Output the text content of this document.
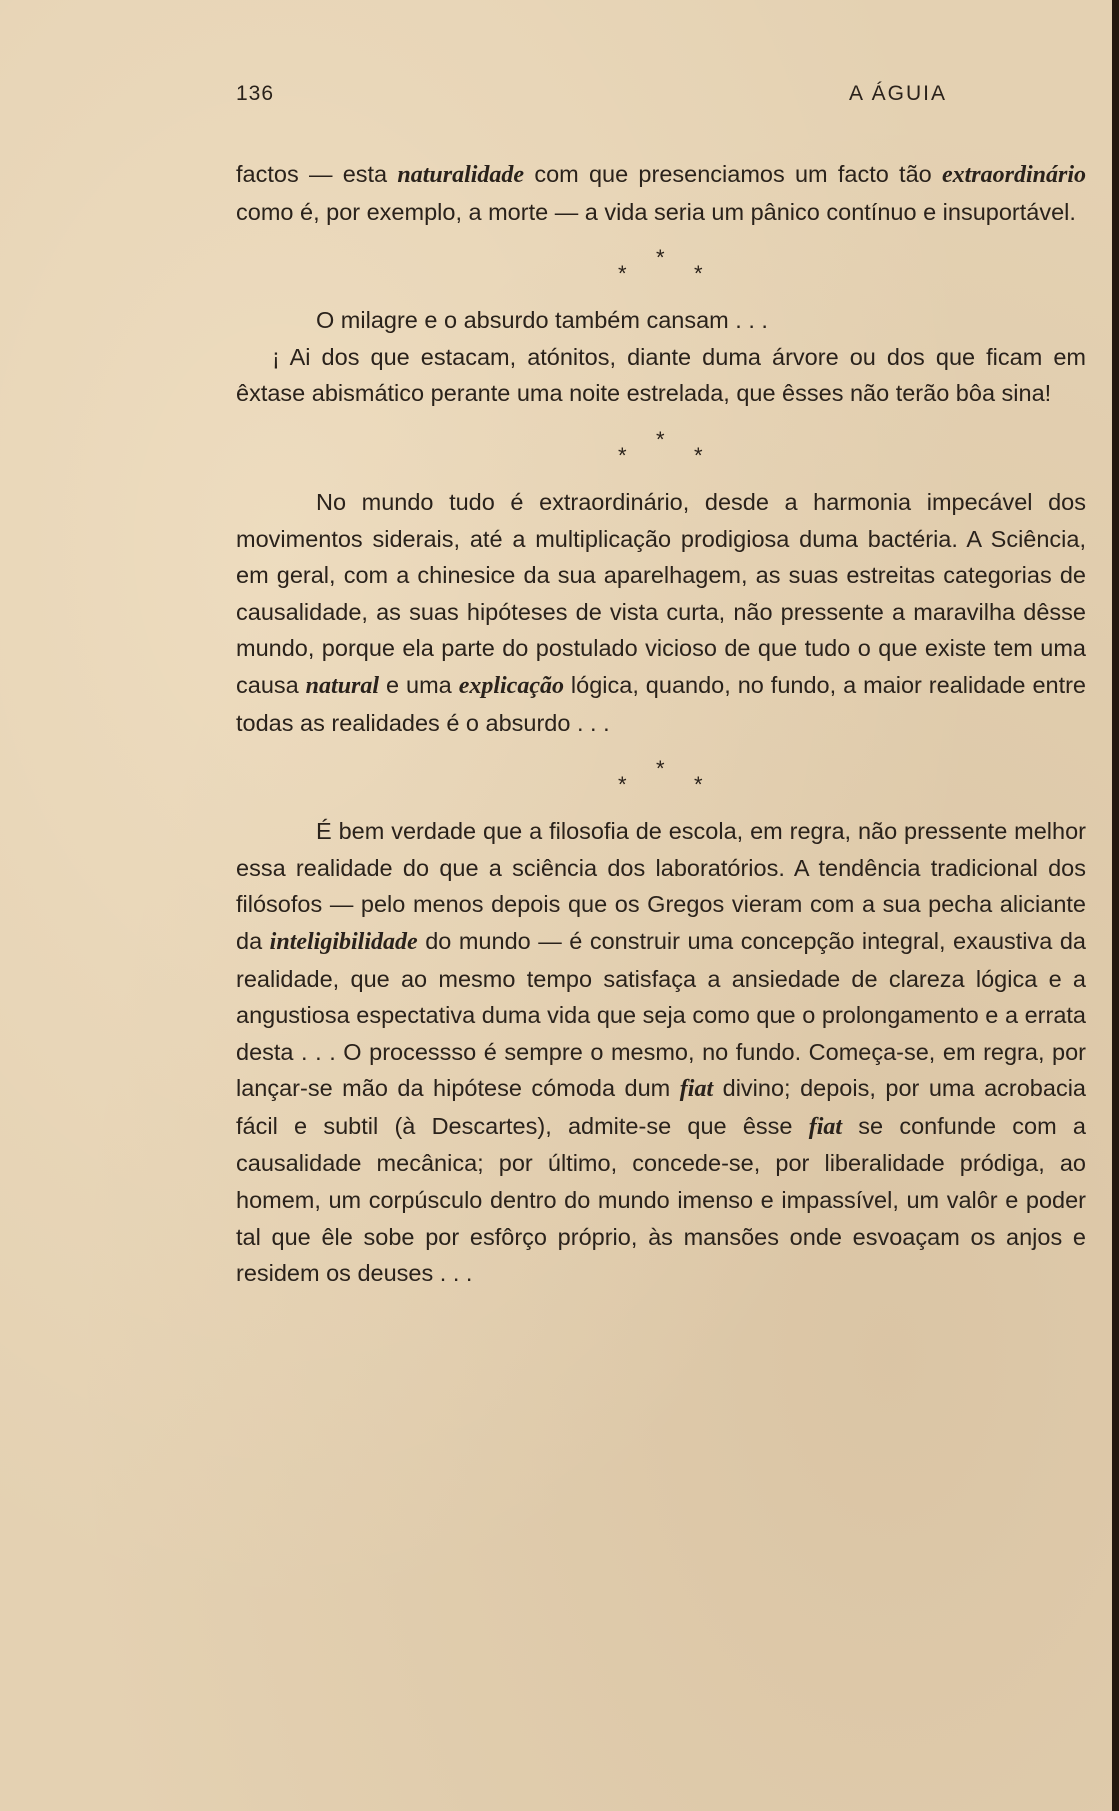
136	A ÁGUIA

factos — esta naturalidade com que presenciamos um facto tão extraordinário como é, por exemplo, a morte — a vida seria um pânico contínuo e insuportável.

*
*
*

O milagre e o absurdo também cansam . . .

¡ Ai dos que estacam, atónitos, diante duma árvore ou dos que ficam em êxtase abismático perante uma noite estrelada, que êsses não terão bôa sina!

*
*
*

No mundo tudo é extraordinário, desde a harmonia impecável dos movimentos siderais, até a multiplicação prodigiosa duma bactéria. A Sciência, em geral, com a chinesice da sua aparelhagem, as suas estreitas categorias de causalidade, as suas hipóteses de vista curta, não pressente a maravilha dêsse mundo, porque ela parte do postulado vicioso de que tudo o que existe tem uma causa natural e uma explicação lógica, quando, no fundo, a maior realidade entre todas as realidades é o absurdo . . .

*
*
*

É bem verdade que a filosofia de escola, em regra, não pressente melhor essa realidade do que a sciência dos laboratórios. A tendência tradicional dos filósofos — pelo menos depois que os Gregos vieram com a sua pecha aliciante da inteligibilidade do mundo — é construir uma concepção integral, exaustiva da realidade, que ao mesmo tempo satisfaça a ansiedade de clareza lógica e a angustiosa espectativa duma vida que seja como que o prolongamento e a errata desta . . . O processso é sempre o mesmo, no fundo. Começa-se, em regra, por lançar-se mão da hipótese cómoda dum fiat divino; depois, por uma acrobacia fácil e subtil (à Descartes), admite-se que êsse fiat se confunde com a causalidade mecânica; por último, concede-se, por liberalidade pródiga, ao homem, um corpúsculo dentro do mundo imenso e impassível, um valôr e poder tal que êle sobe por esfôrço próprio, às mansões onde esvoaçam os anjos e residem os deuses . . .
